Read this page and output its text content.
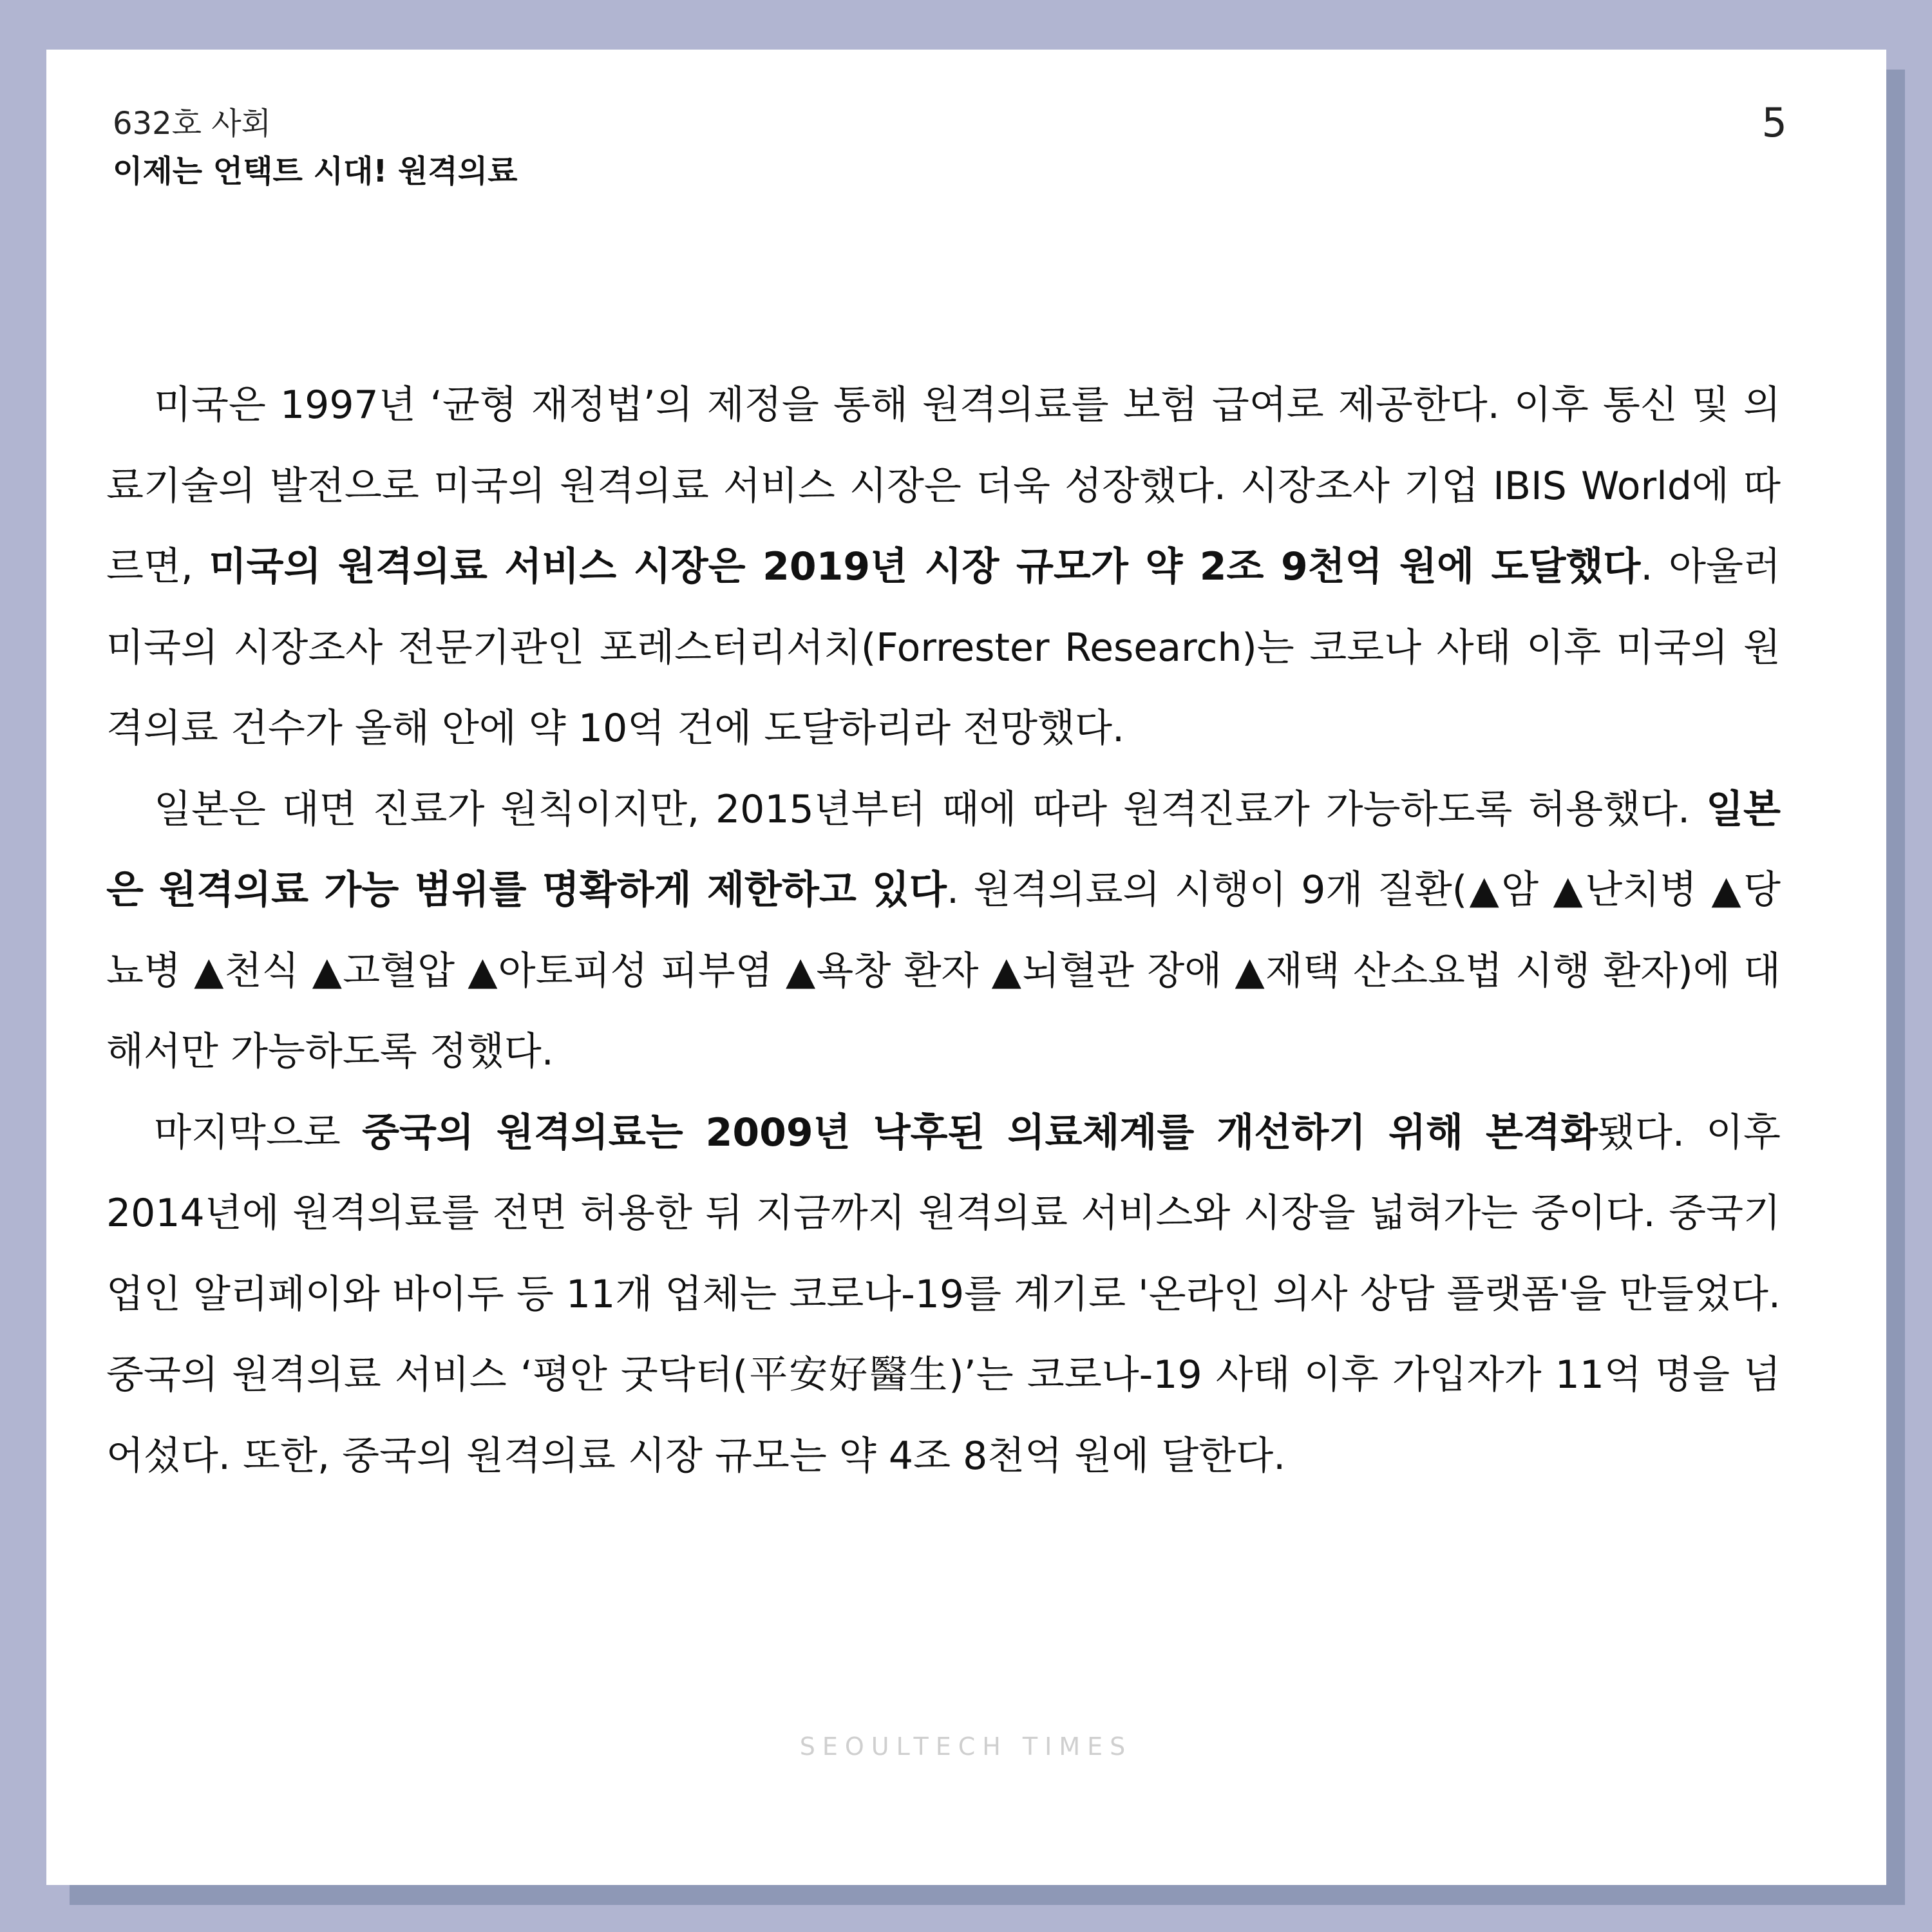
632호 사회	5
이제는 언택트 시대! 원격의료

미국은 1997년 ‘균형 재정법’의 제정을 통해 원격의료를 보험 급여로 제공한다. 이후 통신 및 의료기술의 발전으로 미국의 원격의료 서비스 시장은 더욱 성장했다. 시장조사 기업 IBIS World에 따르면, 미국의 원격의료 서비스 시장은 2019년 시장 규모가 약 2조 9천억 원에 도달했다. 아울러 미국의 시장조사 전문기관인 포레스터리서치(Forrester Research)는 코로나 사태 이후 미국의 원격의료 건수가 올해 안에 약 10억 건에 도달하리라 전망했다.

일본은 대면 진료가 원칙이지만, 2015년부터 때에 따라 원격진료가 가능하도록 허용했다. 일본은 원격의료 가능 범위를 명확하게 제한하고 있다. 원격의료의 시행이 9개 질환(▲암 ▲난치병 ▲당뇨병 ▲천식 ▲고혈압 ▲아토피성 피부염 ▲욕창 환자 ▲뇌혈관 장애 ▲재택 산소요법 시행 환자)에 대해서만 가능하도록 정했다.

마지막으로 중국의 원격의료는 2009년 낙후된 의료체계를 개선하기 위해 본격화됐다. 이후 2014년에 원격의료를 전면 허용한 뒤 지금까지 원격의료 서비스와 시장을 넓혀가는 중이다. 중국기업인 알리페이와 바이두 등 11개 업체는 코로나-19를 계기로 '온라인 의사 상담 플랫폼'을 만들었다. 중국의 원격의료 서비스 ‘평안 굿닥터(平安好醫生)’는 코로나-19 사태 이후 가입자가 11억 명을 넘어섰다. 또한, 중국의 원격의료 시장 규모는 약 4조 8천억 원에 달한다.

SEOULTECH TIMES
